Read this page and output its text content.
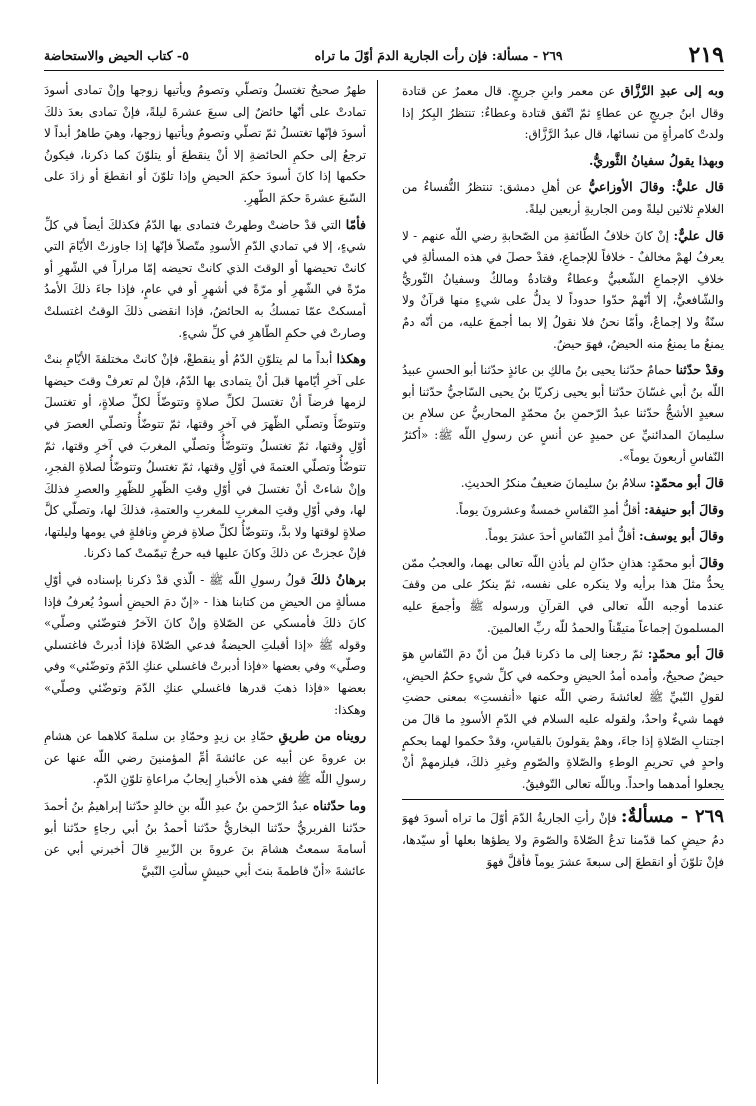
٢١٩
٢٦٩ - مسألة: فإن رأت الجارية الدمَ أوّلَ ما تراه
٥- كتاب الحيض والاستحاضة

وبه إلى عبدِ الرَّزَّاق عن معمر وابنِ جريجٍ. قال معمرٌ عن قتادة وقال ابنُ جريجٍ عن عطاءٍ ثمّ اتّفق قتادة وعطاءٌ: تنتظرُ البِكرُ إذا ولدتْ كامرأةٍ من نسائها، قال عبدُ الرَّزَّاق:

وبهذا يقولُ سفيانُ الثَّوريُّ.

قال عليٌّ: وقالَ الأوزاعيُّ عن أهلِ دمشق: تنتظرُ النُّفساءُ من الغلامِ ثلاثين ليلةً ومن الجاريةِ أربعين ليلةً.

قال عليٌّ: إنْ كانَ خلافُ الطّائفةِ من الصّحابةِ رضي اللّه عنهم - لا يعرفُ لهمْ مخالفٌ - خلافاً للإجماعِ، فقدْ حصلَ في هذه المسألةِ في خلافِ الإجماعِ الشّعبيُّ وعطاءٌ وقتادةُ ومالكٌ وسفيانُ الثّوريُّ والشّافعيُّ، إلا أنّهمْ حدّوا حدوداً لا يدلُّ على شيءٍ منها قرآنٌ ولا سنّةٌ ولا إجماعٌ، وأمّا نحنُ فلا نقولُ إلا بما أجمعَ عليه، من أنّه دمٌ يمنعُ ما يمنعُ منه الحيضُ، فهوَ حيضٌ.

وقدْ حدّثنا حمامٌ حدّثنا يحيى بنُ مالكِ بن عائذٍ حدّثنا أبو الحسنِ عبيدُ اللّه بنُ أبي غسّانَ حدّثنا أبو يحيى زكريّا بنُ يحيى السّاجيُّ حدّثنا أبو سعيدٍ الأشجُّ حدّثنا عبدُ الرّحمنِ بنُ محمّدٍ المحاربيُّ عن سلامِ بن سليمانَ المدائنيِّ عن حميدٍ عن أنسٍ عن رسولِ اللّه ﷺ: «أكثرُ النّفاسِ أربعونَ يوماً».

قالَ أبو محمّدٍ: سلامُ بنُ سليمانَ ضعيفٌ منكرُ الحديثِ.

وقالَ أبو حنيفة: أقلُّ أمدِ النّفاسِ خمسةٌ وعشرونَ يوماً.

وقالَ أبو يوسف: أقلُّ أمدِ النّفاسِ أحدَ عشرَ يوماً.

وقالَ أبو محمّدٍ: هذانِ حدّانِ لم يأذنِ اللّه تعالى بهما، والعجبُ ممّن يحدُّ مثلَ هذا برأيه ولا ينكره على نفسه، ثمّ ينكرُ على من وقفَ عندما أوجبه اللّه تعالى في القرآنِ ورسوله ﷺ وأجمعَ عليه المسلمونَ إجماعاً متيقّناً والحمدُ للّه ربِّ العالمينَ.

قالَ أبو محمّدٍ: ثمّ رجعنا إلى ما ذكرنا قبلُ من أنّ دمَ النّفاسِ هوَ حيضٌ صحيحٌ، وأمده أمدُ الحيضِ وحكمه في كلِّ شيءٍ حكمُ الحيضِ، لقولِ النّبيِّ ﷺ لعائشةَ رضي اللّه عنها «أنفستِ» بمعنى حضتِ فهما شيءٌ واحدٌ، ولقوله عليه السلام في الدّمِ الأسودِ ما قالَ من اجتنابِ الصّلاةِ إذا جاءَ، وهمْ يقولونَ بالقياسِ، وقدْ حكموا لهما بحكمٍ واحدٍ في تحريمِ الوطءِ والصّلاةِ والصّومِ وغيرِ ذلكَ، فيلزمهمْ أنْ يجعلوا أمدهما واحداً. وباللّه تعالى التّوفيقُ.

٢٦٩ - مسألةٌ: فإنْ رأتِ الجاريةُ الدّمَ أوّلَ ما تراه أسودَ فهوَ دمُ حيضٍ كما قدّمنا تدعُ الصّلاةَ والصّومَ ولا يطؤها بعلها أو سيّدها، فإنْ تلوّنَ أو انقطعَ إلى سبعةَ عشرَ يوماً فأقلَّ فهوَ

طهرٌ صحيحٌ تغتسلُ وتصلّي وتصومُ ويأتيها زوجها وإنْ تمادى أسودَ تمادتْ على أنّها حائضٌ إلى سبعَ عشرةَ ليلةً، فإنْ تمادى بعدَ ذلكَ أسودَ فإنّها تغتسلُ ثمّ تصلّي وتصومُ ويأتيها زوجها، وهيَ طاهرٌ أبداً لا ترجعُ إلى حكمِ الحائضةِ إلا أنْ ينقطعَ أو يتلوّنَ كما ذكرنا، فيكونُ حكمها إذا كانَ أسودَ حكمَ الحيضِ وإذا تلوّنَ أو انقطعَ أو زادَ على السّبعَ عشرةَ حكمَ الطّهرِ.

فأمّا التي قدْ حاضتْ وطهرتْ فتمادى بها الدّمُ فكذلكَ أيضاً في كلِّ شيءٍ، إلا في تمادي الدّمِ الأسودِ متّصلاً فإنّها إذا جاوزتْ الأيّامَ التي كانتْ تحيضها أو الوقتَ الذي كانتْ تحيضه إمّا مراراً في الشّهرِ أو مرّةً في الشّهرِ أو مرّةً في أشهرٍ أو في عامٍ، فإذا جاءَ ذلكَ الأمدُ أمسكتْ عمّا تمسكُ به الحائضُ، فإذا انقضى ذلكَ الوقتُ اغتسلتْ وصارتْ في حكمِ الطّاهرِ في كلِّ شيءٍ.

وهكذا أبداً ما لم يتلوّنِ الدّمُ أو ينقطعْ، فإنْ كانتْ مختلفةَ الأيّامِ بنتْ على آخرِ أيّامها قبلَ أنْ يتمادى بها الدّمُ، فإنْ لم تعرفْ وقتَ حيضها لزمها فرضاً أنْ تغتسلَ لكلِّ صلاةٍ وتتوضّأَ لكلِّ صلاةٍ، أو تغتسلَ وتتوضّأَ وتصلّي الظّهرَ في آخرِ وقتها، ثمّ تتوضّأُ وتصلّي العصرَ في أوّلِ وقتها، ثمّ تغتسلُ وتتوضّأُ وتصلّي المغربَ في آخرِ وقتها، ثمّ تتوضّأُ وتصلّي العتمةَ في أوّلِ وقتها، ثمّ تغتسلُ وتتوضّأُ لصلاةِ الفجرِ، وإنْ شاءتْ أنْ تغتسلَ في أوّلِ وقتِ الظّهرِ للظّهرِ والعصرِ فذلكَ لها، وفي أوّلِ وقتِ المغربِ للمغربِ والعتمةِ، فذلكَ لها، وتصلّي كلَّ صلاةٍ لوقتها ولا بدَّ، وتتوضّأُ لكلِّ صلاةِ فرضٍ ونافلةٍ في يومها وليلتها، فإنْ عجزتْ عن ذلكَ وكانَ عليها فيه حرجٌ تيمّمتْ كما ذكرنا.

برهانُ ذلكَ قولُ رسولِ اللّه ﷺ - الّذي قدْ ذكرنا بإسناده في أوّلِ مسألةٍ من الحيضِ من كتابنا هذا - «إنّ دمَ الحيضِ أسودُ يُعرفُ فإذا كانَ ذلكَ فأمسكي عن الصّلاةِ وإنْ كانَ الآخرُ فتوضّئي وصلّي» وقوله ﷺ «إذا أقبلتِ الحيضةُ فدعي الصّلاةَ فإذا أدبرتْ فاغتسلي وصلّي» وفي بعضها «فإذا أدبرتْ فاغسلي عنكِ الدّمَ وتوضّئي» وفي بعضها «فإذا ذهبَ قدرها فاغسلي عنكِ الدّمَ وتوضّئي وصلّي» وهكذا:

رويناه من طريقِ حمّادِ بن زيدٍ وحمّادِ بن سلمةَ كلاهما عن هشامِ بن عروةَ عن أبيه عن عائشةَ أمِّ المؤمنينَ رضي اللّه عنها عن رسولِ اللّه ﷺ ففي هذه الأخبارِ إيجابُ مراعاةِ تلوّنِ الدّمِ.

وما حدّثناه عبدُ الرّحمنِ بنُ عبدِ اللّه بنِ خالدٍ حدّثنا إبراهيمُ بنُ أحمدَ حدّثنا الفربريُّ حدّثنا البخاريُّ حدّثنا أحمدُ بنُ أبي رجاءٍ حدّثنا أبو أسامةَ سمعتُ هشامَ بنَ عروةَ بن الزّبيرِ قالَ أخبرني أبي عن عائشةَ «أنّ فاطمةَ بنتَ أبي حبيشٍ سألتِ النّبيَّ
